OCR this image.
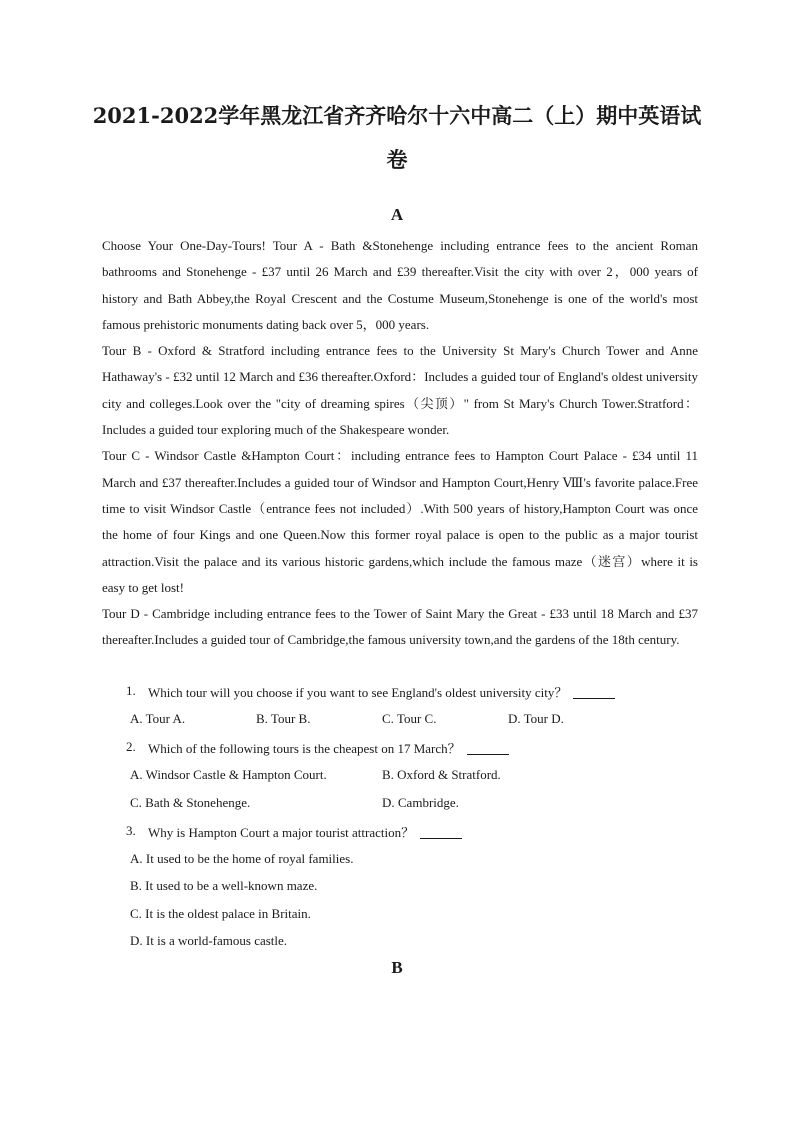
2021-2022学年黑龙江省齐齐哈尔十六中高二（上）期中英语试卷
A

Choose Your One-Day-Tours! Tour A - Bath &Stonehenge including entrance fees to the ancient Roman bathrooms and Stonehenge - £37 until 26 March and £39 thereafter.Visit the city with over 2，000 years of history and Bath Abbey,the Royal Crescent and the Costume Museum,Stonehenge is one of the world's most famous prehistoric monuments dating back over 5，000 years.

Tour B - Oxford & Stratford including entrance fees to the University St Mary's Church Tower and Anne Hathaway's - £32 until 12 March and £36 thereafter.Oxford：Includes a guided tour of England's oldest university city and colleges.Look over the "city of dreaming spires（尖顶）" from St Mary's Church Tower.Stratford：Includes a guided tour exploring much of the Shakespeare wonder.

Tour C - Windsor Castle &Hampton Court：including entrance fees to Hampton Court Palace - £34 until 11 March and £37 thereafter.Includes a guided tour of Windsor and Hampton Court,Henry Ⅷ's favorite palace.Free time to visit Windsor Castle（entrance fees not included）.With 500 years of history,Hampton Court was once the home of four Kings and one Queen.Now this former royal palace is open to the public as a major tourist attraction.Visit the palace and its various historic gardens,which include the famous maze（迷宫）where it is easy to get lost!

Tour D - Cambridge including entrance fees to the Tower of Saint Mary the Great - £33 until 18 March and £37 thereafter.Includes a guided tour of Cambridge,the famous university town,and the gardens of the 18th century.

1. Which tour will you choose if you want to see England's oldest university city？
A. Tour A.	B. Tour B.	C. Tour C.	D. Tour D.
2. Which of the following tours is the cheapest on 17 March？
A. Windsor Castle & Hampton Court.	B. Oxford & Stratford.
C. Bath & Stonehenge.	D. Cambridge.
3. Why is Hampton Court a major tourist attraction？
A. It used to be the home of royal families.
B. It used to be a well-known maze.
C. It is the oldest palace in Britain.
D. It is a world-famous castle.
B
